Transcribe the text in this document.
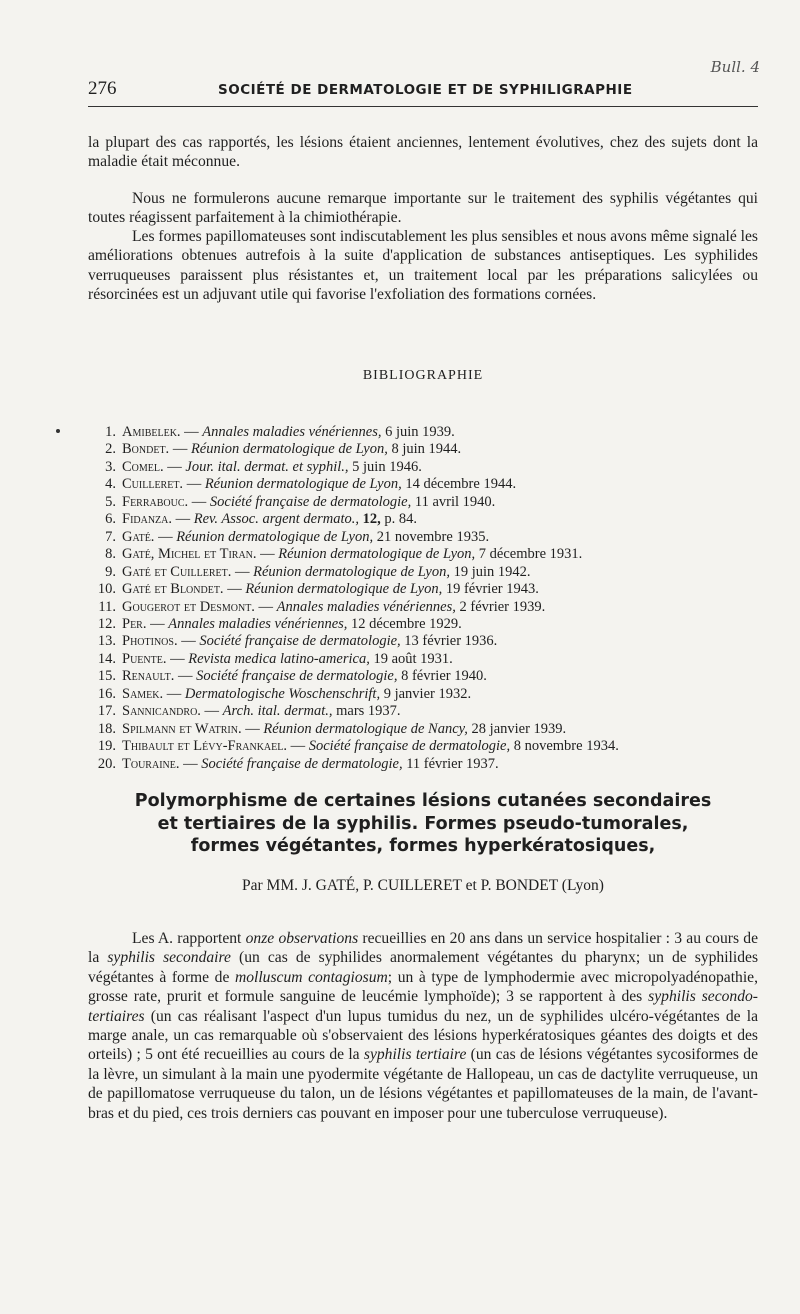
Bull. 4
276	SOCIÉTÉ DE DERMATOLOGIE ET DE SYPHILIGRAPHIE

la plupart des cas rapportés, les lésions étaient anciennes, lentement évolutives, chez des sujets dont la maladie était méconnue.

Nous ne formulerons aucune remarque importante sur le traitement des syphilis végétantes qui toutes réagissent parfaitement à la chimiothérapie.

Les formes papillomateuses sont indiscutablement les plus sensibles et nous avons même signalé les améliorations obtenues autrefois à la suite d'application de substances antiseptiques. Les syphilides verruqueuses paraissent plus résistantes et, un traitement local par les préparations salicylées ou résorcinées est un adjuvant utile qui favorise l'exfoliation des formations cornées.

BIBLIOGRAPHIE
1. Amibelek. — Annales maladies vénériennes, 6 juin 1939.
2. Bondet. — Réunion dermatologique de Lyon, 8 juin 1944.
3. Comel. — Jour. ital. dermat. et syphil., 5 juin 1946.
4. Cuilleret. — Réunion dermatologique de Lyon, 14 décembre 1944.
5. Ferrabouc. — Société française de dermatologie, 11 avril 1940.
6. Fidanza. — Rev. Assoc. argent dermato., 12, p. 84.
7. Gaté. — Réunion dermatologique de Lyon, 21 novembre 1935.
8. Gaté, Michel et Tiran. — Réunion dermatologique de Lyon, 7 décembre 1931.
9. Gaté et Cuilleret. — Réunion dermatologique de Lyon, 19 juin 1942.
10. Gaté et Blondet. — Réunion dermatologique de Lyon, 19 février 1943.
11. Gougerot et Desmont. — Annales maladies vénériennes, 2 février 1939.
12. Per. — Annales maladies vénériennes, 12 décembre 1929.
13. Photinos. — Société française de dermatologie, 13 février 1936.
14. Puente. — Revista medica latino-america, 19 août 1931.
15. Renault. — Société française de dermatologie, 8 février 1940.
16. Samek. — Dermatologische Woschenschrift, 9 janvier 1932.
17. Sannicandro. — Arch. ital. dermat., mars 1937.
18. Spilmann et Watrin. — Réunion dermatologique de Nancy, 28 janvier 1939.
19. Thibault et Lévy-Frankael. — Société française de dermatologie, 8 novembre 1934.
20. Touraine. — Société française de dermatologie, 11 février 1937.
Polymorphisme de certaines lésions cutanées secondaires
et tertiaires de la syphilis. Formes pseudo-tumorales,
formes végétantes, formes hyperkératosiques,
Par MM. J. GATÉ, P. CUILLERET et P. BONDET (Lyon)

Les A. rapportent onze observations recueillies en 20 ans dans un service hospitalier : 3 au cours de la syphilis secondaire (un cas de syphilides anormalement végétantes du pharynx; un de syphilides végétantes à forme de molluscum contagiosum; un à type de lymphodermie avec micropolyadénopathie, grosse rate, prurit et formule sanguine de leucémie lymphoïde); 3 se rapportent à des syphilis secondo-tertiaires (un cas réalisant l'aspect d'un lupus tumidus du nez, un de syphilides ulcéro-végétantes de la marge anale, un cas remarquable où s'observaient des lésions hyperkératosiques géantes des doigts et des orteils) ; 5 ont été recueillies au cours de la syphilis tertiaire (un cas de lésions végétantes sycosiformes de la lèvre, un simulant à la main une pyodermite végétante de Hallopeau, un cas de dactylite verruqueuse, un de papillomatose verruqueuse du talon, un de lésions végétantes et papillomateuses de la main, de l'avant-bras et du pied, ces trois derniers cas pouvant en imposer pour une tuberculose verruqueuse).
